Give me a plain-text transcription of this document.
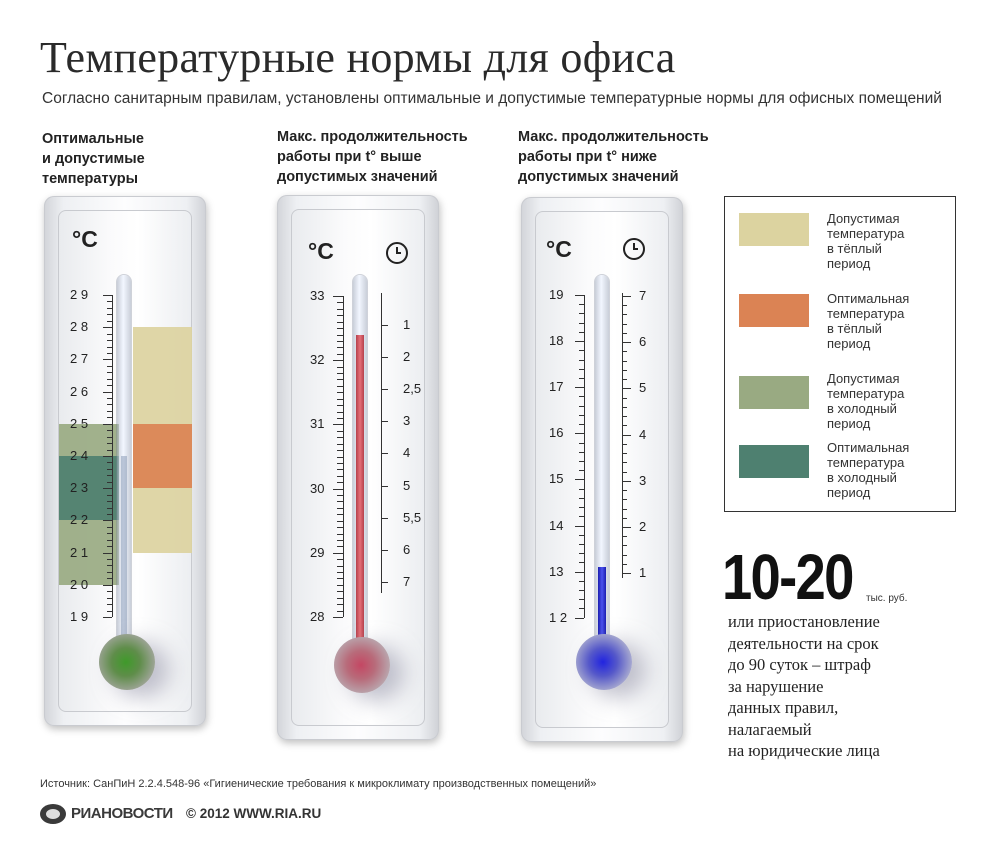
Температурные нормы для офиса
Согласно санитарным правилам, установлены оптимальные и допустимые температурные нормы для офисных помещений
Оптимальные
и допустимые
температуры
Макс. продолжительность
работы при t° выше
допустимых значений
Макс. продолжительность
работы при t° ниже
допустимых значений
°C
2 9
2 8
2 7
2 6
2 5
2 4
2 3
2 2
2 1
2 0
1 9
°C
33
32
31
30
29
28
1
2
2,5
3
4
5
5,5
6
7
°C
19
18
17
16
15
14
13
1 2
7
6
5
4
3
2
1
Допустимая
температура
в тёплый
период
Оптимальная
температура
в тёплый
период
Допустимая
температура
в холодный
период
Оптимальная
температура
в холодный
период
10-20 тыс. руб.
или приостановление
деятельности на срок
до 90 суток – штраф
за нарушение
данных правил,
налагаемый
на юридические лица
Источник: СанПиН 2.2.4.548-96 «Гигиенические требования к микроклимату производственных помещений»
РИАНОВОСТИ © 2012 WWW.RIA.RU
